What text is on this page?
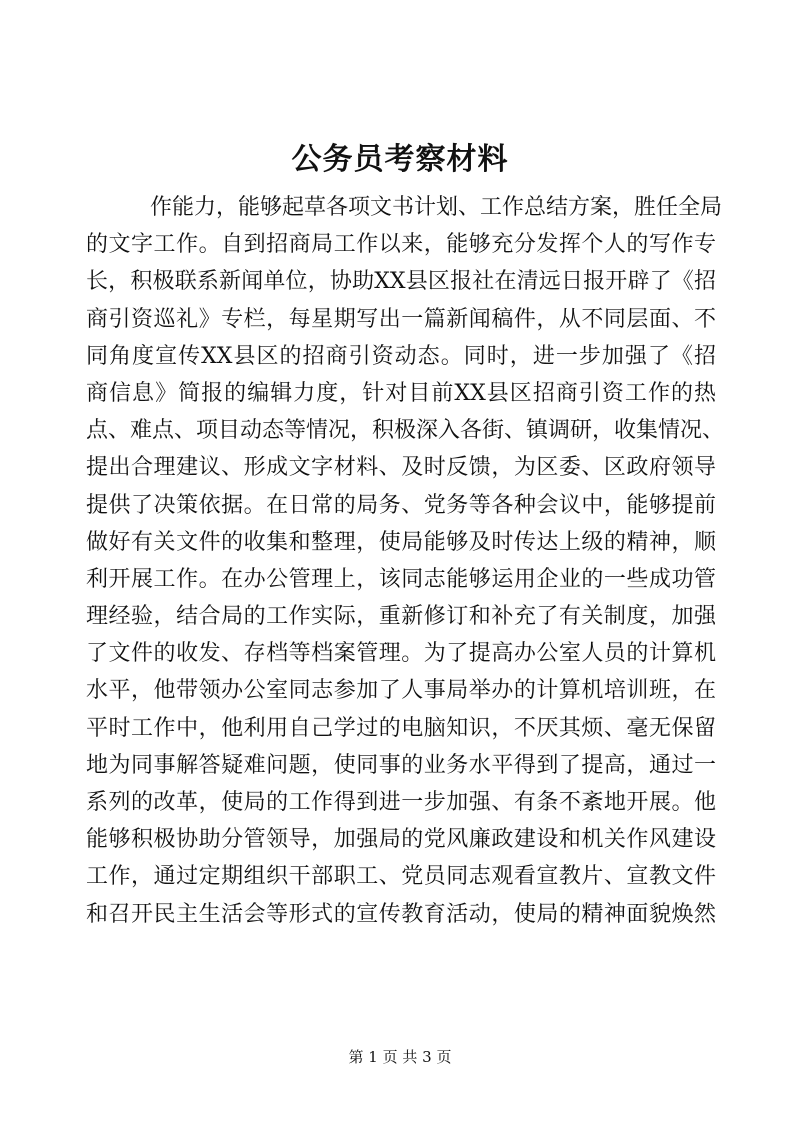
公务员考察材料
作能力，能够起草各项文书计划、工作总结方案，胜任全局
的文字工作。自到招商局工作以来，能够充分发挥个人的写作专
长，积极联系新闻单位，协助XX县区报社在清远日报开辟了《招
商引资巡礼》专栏，每星期写出一篇新闻稿件，从不同层面、不
同角度宣传XX县区的招商引资动态。同时，进一步加强了《招
商信息》简报的编辑力度，针对目前XX县区招商引资工作的热
点、难点、项目动态等情况，积极深入各街、镇调研，收集情况、
提出合理建议、形成文字材料、及时反馈，为区委、区政府领导
提供了决策依据。在日常的局务、党务等各种会议中，能够提前
做好有关文件的收集和整理，使局能够及时传达上级的精神，顺
利开展工作。在办公管理上，该同志能够运用企业的一些成功管
理经验，结合局的工作实际，重新修订和补充了有关制度，加强
了文件的收发、存档等档案管理。为了提高办公室人员的计算机
水平，他带领办公室同志参加了人事局举办的计算机培训班，在
平时工作中，他利用自己学过的电脑知识，不厌其烦、毫无保留
地为同事解答疑难问题，使同事的业务水平得到了提高，通过一
系列的改革，使局的工作得到进一步加强、有条不紊地开展。他
能够积极协助分管领导，加强局的党风廉政建设和机关作风建设
工作，通过定期组织干部职工、党员同志观看宣教片、宣教文件
和召开民主生活会等形式的宣传教育活动，使局的精神面貌焕然
第 1 页 共 3 页
